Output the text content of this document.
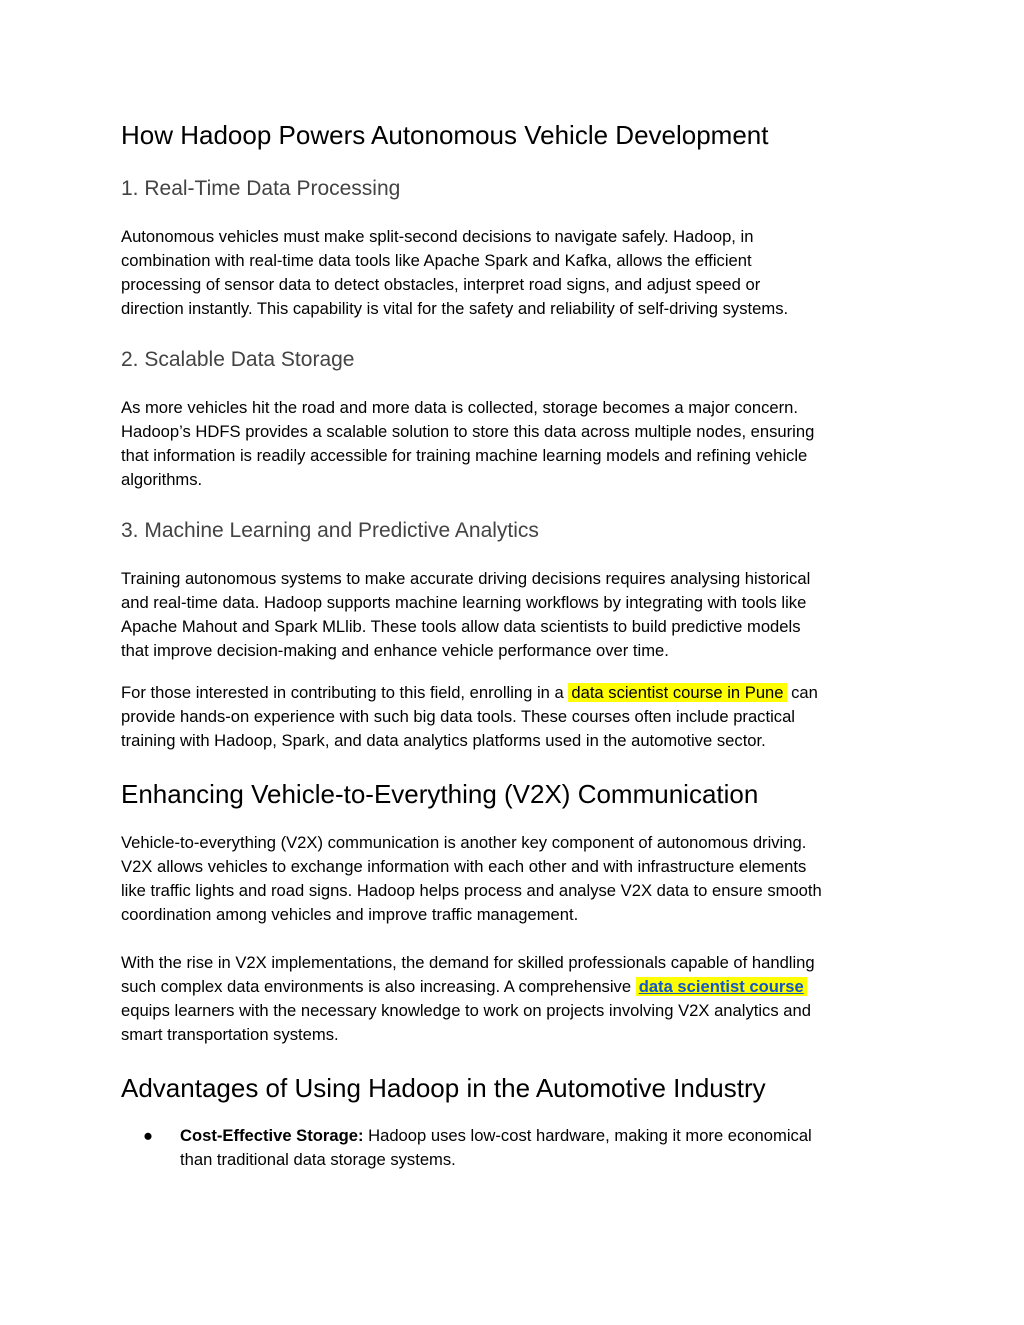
How Hadoop Powers Autonomous Vehicle Development
1. Real-Time Data Processing

Autonomous vehicles must make split-second decisions to navigate safely. Hadoop, in
combination with real-time data tools like Apache Spark and Kafka, allows the efficient
processing of sensor data to detect obstacles, interpret road signs, and adjust speed or
direction instantly. This capability is vital for the safety and reliability of self-driving systems.

2. Scalable Data Storage

As more vehicles hit the road and more data is collected, storage becomes a major concern.
Hadoop’s HDFS provides a scalable solution to store this data across multiple nodes, ensuring
that information is readily accessible for training machine learning models and refining vehicle
algorithms.

3. Machine Learning and Predictive Analytics

Training autonomous systems to make accurate driving decisions requires analysing historical
and real-time data. Hadoop supports machine learning workflows by integrating with tools like
Apache Mahout and Spark MLlib. These tools allow data scientists to build predictive models
that improve decision-making and enhance vehicle performance over time.

For those interested in contributing to this field, enrolling in a data scientist course in Pune can
provide hands-on experience with such big data tools. These courses often include practical
training with Hadoop, Spark, and data analytics platforms used in the automotive sector.

Enhancing Vehicle-to-Everything (V2X) Communication

Vehicle-to-everything (V2X) communication is another key component of autonomous driving.
V2X allows vehicles to exchange information with each other and with infrastructure elements
like traffic lights and road signs. Hadoop helps process and analyse V2X data to ensure smooth
coordination among vehicles and improve traffic management.

With the rise in V2X implementations, the demand for skilled professionals capable of handling
such complex data environments is also increasing. A comprehensive data scientist course
equips learners with the necessary knowledge to work on projects involving V2X analytics and
smart transportation systems.

Advantages of Using Hadoop in the Automotive Industry
● Cost-Effective Storage: Hadoop uses low-cost hardware, making it more economical
than traditional data storage systems.
